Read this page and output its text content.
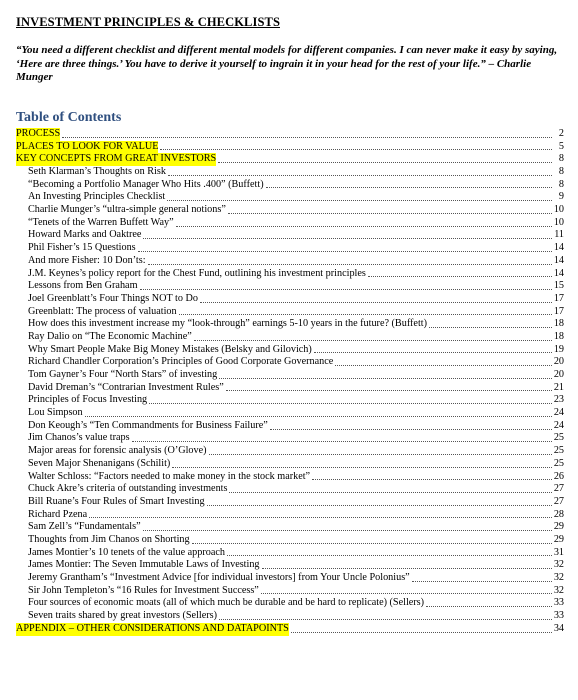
INVESTMENT PRINCIPLES & CHECKLISTS
“You need a different checklist and different mental models for different companies. I can never make it easy by saying, ‘Here are three things.’ You have to derive it yourself to ingrain it in your head for the rest of your life.” – Charlie Munger
Table of Contents
PROCESS	2
PLACES TO LOOK FOR VALUE	5
KEY CONCEPTS FROM GREAT INVESTORS	8
Seth Klarman’s Thoughts on Risk	8
“Becoming a Portfolio Manager Who Hits .400” (Buffett)	8
An Investing Principles Checklist	9
Charlie Munger’s “ultra-simple general notions”	10
“Tenets of the Warren Buffett Way”	10
Howard Marks and Oaktree	11
Phil Fisher’s 15 Questions	14
And more Fisher: 10 Don’ts:	14
J.M. Keynes’s policy report for the Chest Fund, outlining his investment principles	14
Lessons from Ben Graham	15
Joel Greenblatt’s Four Things NOT to Do	17
Greenblatt: The process of valuation	17
How does this investment increase my “look-through” earnings 5-10 years in the future? (Buffett)	18
Ray Dalio on “The Economic Machine”	18
Why Smart People Make Big Money Mistakes (Belsky and Gilovich)	19
Richard Chandler Corporation’s Principles of Good Corporate Governance	20
Tom Gayner’s Four “North Stars” of investing	20
David Dreman’s “Contrarian Investment Rules”	21
Principles of Focus Investing	23
Lou Simpson	24
Don Keough’s “Ten Commandments for Business Failure”	24
Jim Chanos’s value traps	25
Major areas for forensic analysis (O’Glove)	25
Seven Major Shenanigans (Schilit)	25
Walter Schloss: “Factors needed to make money in the stock market”	26
Chuck Akre’s criteria of outstanding investments	27
Bill Ruane’s Four Rules of Smart Investing	27
Richard Pzena	28
Sam Zell’s “Fundamentals”	29
Thoughts from Jim Chanos on Shorting	29
James Montier’s 10 tenets of the value approach	31
James Montier: The Seven Immutable Laws of Investing	32
Jeremy Grantham’s “Investment Advice [for individual investors] from Your Uncle Polonius”	32
Sir John Templeton’s “16 Rules for Investment Success”	32
Four sources of economic moats (all of which much be durable and be hard to replicate) (Sellers)	33
Seven traits shared by great investors (Sellers)	33
APPENDIX – OTHER CONSIDERATIONS AND DATAPOINTS	34
